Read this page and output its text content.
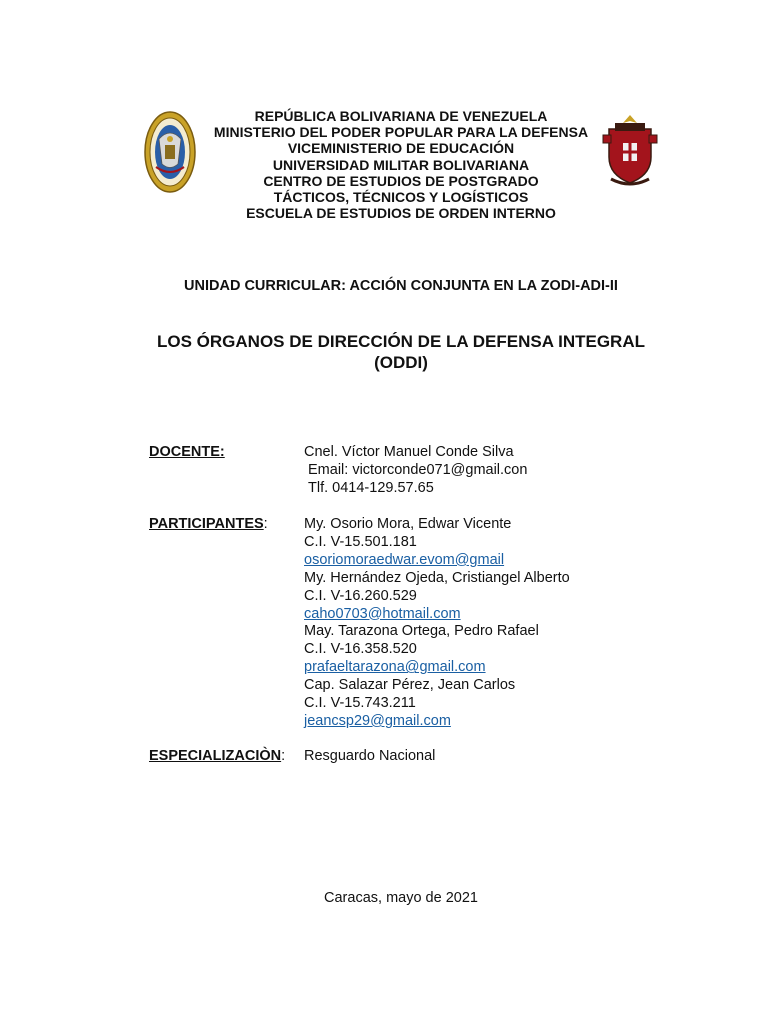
REPÚBLICA BOLIVARIANA DE VENEZUELA
MINISTERIO DEL PODER POPULAR PARA LA DEFENSA
VICEMINISTERIO DE EDUCACIÓN
UNIVERSIDAD MILITAR BOLIVARIANA
CENTRO DE ESTUDIOS DE POSTGRADO
TÁCTICOS, TÉCNICOS Y LOGÍSTICOS
ESCUELA DE ESTUDIOS DE ORDEN INTERNO
UNIDAD CURRICULAR: ACCIÓN CONJUNTA EN LA ZODI-ADI-II
LOS ÓRGANOS DE DIRECCIÓN DE LA DEFENSA INTEGRAL
(ODDI)
DOCENTE:	Cnel. Víctor Manuel Conde Silva
Email: victorconde071@gmail.con
Tlf. 0414-129.57.65
PARTICIPANTES:	My. Osorio Mora, Edwar Vicente
C.I. V-15.501.181
osoriomoraedwar.evom@gmail
My. Hernández Ojeda, Cristiangel Alberto
C.I. V-16.260.529
caho0703@hotmail.com
May. Tarazona Ortega, Pedro Rafael
C.I. V-16.358.520
prafaeltarazona@gmail.com
Cap. Salazar Pérez, Jean Carlos
C.I. V-15.743.211
jeancsp29@gmail.com
ESPECIALIZACIÒN: Resguardo Nacional
Caracas, mayo de 2021
